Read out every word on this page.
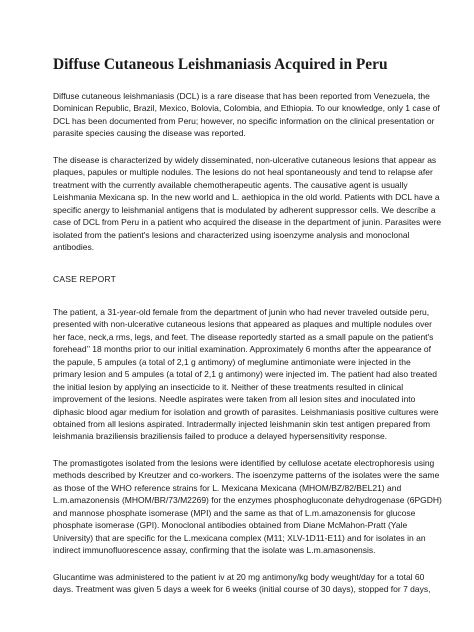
Diffuse Cutaneous Leishmaniasis Acquired in Peru
Diffuse cutaneous leishmaniasis (DCL) is a rare disease that has been reported from Venezuela, the
Dominican Republic, Brazil, Mexico, Bolovia, Colombia, and Ethiopia. To our knowledge, only 1 case of
DCL has been documented from Peru; however, no specific information on the clinical presentation or
parasite species causing the disease was reported.
The disease is characterized by widely disseminated, non-ulcerative cutaneous lesions that appear as
plaques, papules or multiple nodules. The lesions do not heal spontaneously and tend to relapse afer
treatment with the currently available chemotherapeutic agents. The causative agent is usually
Leishmania Mexicana sp. In the new world and L. aethiopica in the old world. Patients with DCL have a
specific anergy to leishmanial antigens that is modulated by adherent suppressor cells. We describe a
case of DCL from Peru in a patient who acquired the disease in the department of junin. Parasites were
isolated from the patient's lesions and characterized using isoenzyme analysis and monoclonal
antibodies.
CASE REPORT
The patient, a 31-year-old female from the department of junin who had never traveled outside peru,
presented with non-ulcerative cutaneous lesions that appeared as plaques and multiple nodules over
her face, neck,a rms, legs, and feet. The disease reportedly started as a small papule on the patient's
forehead’’ 18 months prior to our initial examination. Approximately 6 months after the appearance of
the papule, 5 ampules (a total of 2,1 g antimony) of meglumine antimoniate were injected in the
primary lesion and 5 ampules (a total of 2,1 g antimony) were injected im. The patient had also treated
the initial lesion by applying an insecticide to it. Neither of these treatments resulted in clinical
improvement of the lesions. Needle aspirates were taken from all lesion sites and inoculated into
diphasic blood agar medium for isolation and growth of parasites. Leishmaniasis positive cultures were
obtained from all lesions aspirated. Intradermally injected leishmanin skin test antigen prepared from
leishmania braziliensis braziliensis failed to produce a delayed hypersensitivity response.
The promastigotes isolated from the lesions were identified by cellulose acetate electrophoresis using
methods described by Kreutzer and co-workers. The isoenzyme patterns of the isolates were the same
as those of the WHO reference strains for L. Mexicana Mexicana (MHOM/BZ/82/BEL21) and
L.m.amazonensis (MHOM/BR/73/M2269) for the enzymes phosphogluconate dehydrogenase (6PGDH)
and mannose phosphate isomerase (MPI) and the same as that of L.m.amazonensis for glucose
phosphate isomerase (GPI). Monoclonal antibodies obtained from Diane McMahon-Pratt (Yale
University) that are specific for the L.mexicana complex (M11; XLV-1D11-E11) and for isolates in an
indirect immunofluorescence assay, confirming that the isolate was L.m.amasonensis.
Glucantime was administered to the patient iv at 20 mg antimony/kg body weught/day for a total 60
days. Treatment was given 5 days a week for 6 weeks (initial course of 30 days), stopped for 7 days,
